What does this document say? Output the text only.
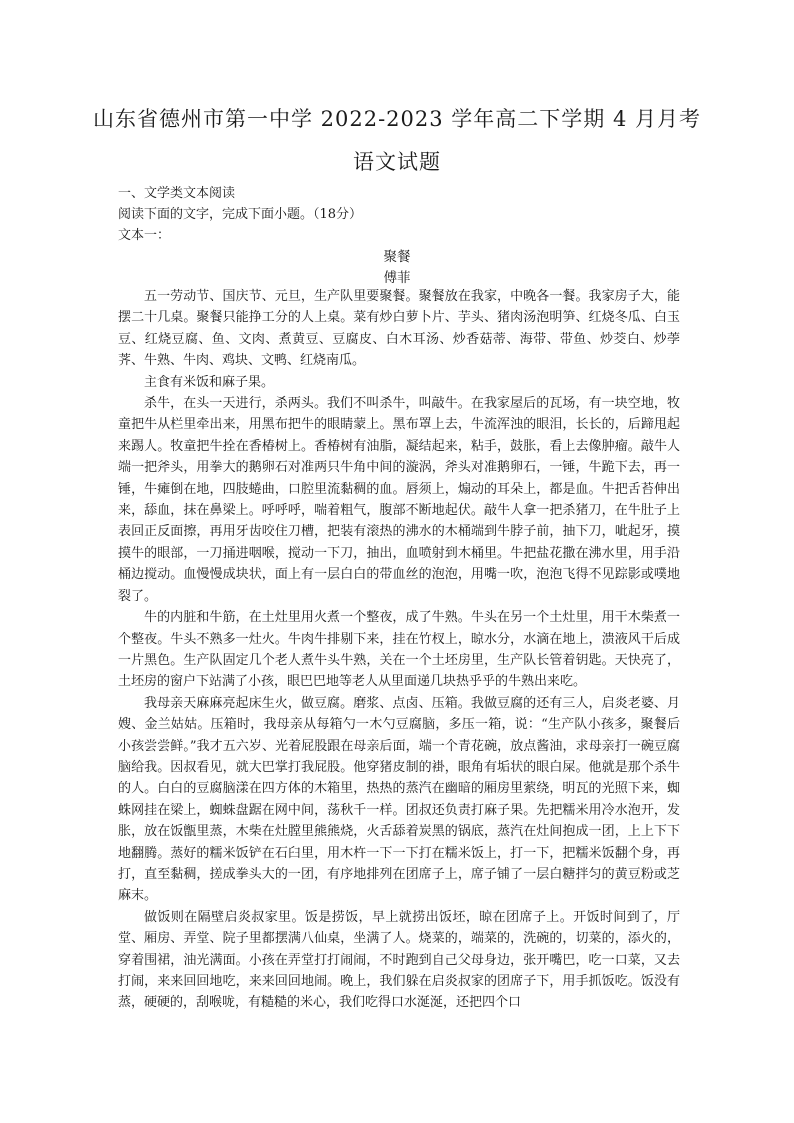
山东省德州市第一中学 2022-2023 学年高二下学期 4 月月考
语文试题
一、文学类文本阅读
阅读下面的文字，完成下面小题。（18分）
文本一：
聚餐
傅菲

五一劳动节、国庆节、元旦，生产队里要聚餐。聚餐放在我家，中晚各一餐。我家房子大，能摆二十几桌。聚餐只能挣工分的人上桌。菜有炒白萝卜片、芋头、猪肉汤泡明笋、红烧冬瓜、白玉豆、红烧豆腐、鱼、文肉、煮黄豆、豆腐皮、白木耳汤、炒香菇蒂、海带、带鱼、炒茭白、炒荸荠、牛熟、牛肉、鸡块、文鸭、红烧南瓜。

主食有米饭和麻子果。

杀牛，在头一天进行，杀两头。我们不叫杀牛，叫敲牛。在我家屋后的瓦场，有一块空地，牧童把牛从栏里牵出来，用黑布把牛的眼睛蒙上。黑布罩上去，牛流浑浊的眼泪，长长的，后蹄甩起来踢人。牧童把牛拴在香椿树上。香椿树有油脂，凝结起来，粘手，鼓胀，看上去像肿瘤。敲牛人端一把斧头，用拳大的鹅卵石对准两只牛角中间的漩涡，斧头对准鹅卵石，一锤，牛跪下去，再一锤，牛瘫倒在地，四肢蜷曲，口腔里流黏稠的血。唇须上，煽动的耳朵上，都是血。牛把舌苔伸出来，舔血，抹在鼻梁上。呼呼呼，喘着粗气，腹部不断地起伏。敲牛人拿一把杀猪刀，在牛肚子上表回正反面擦，再用牙齿咬住刀槽，把装有滚热的沸水的木桶端到牛脖子前，抽下刀，呲起牙，摸摸牛的眼部，一刀捅进咽喉，搅动一下刀，抽出，血喷射到木桶里。牛把盐花撒在沸水里，用手沿桶边搅动。血慢慢成块状，面上有一层白白的带血丝的泡泡，用嘴一吹，泡泡飞得不见踪影或噗地裂了。

牛的内脏和牛筋，在土灶里用火煮一个整夜，成了牛熟。牛头在另一个土灶里，用干木柴煮一个整夜。牛头不熟多一灶火。牛肉牛排剔下来，挂在竹杈上，晾水分，水滴在地上，溃液风干后成一片黑色。生产队固定几个老人煮牛头牛熟，关在一个土坯房里，生产队长管着钥匙。天快亮了，土坯房的窗户下站满了小孩，眼巴巴地等老人从里面递几块热乎乎的牛熟出来吃。

我母亲天麻麻亮起床生火，做豆腐。磨浆、点卤、压箱。我做豆腐的还有三人，启炎老婆、月嫂、金兰姑姑。压箱时，我母亲从每箱勺一木勺豆腐脑，多压一箱，说：“生产队小孩多，聚餐后小孩尝尝鲜。”我才五六岁、光着屁股跟在母亲后面，端一个青花碗，放点酱油，求母亲打一碗豆腐脑给我。因叔看见，就大巴掌打我屁股。他穿猪皮制的褂，眼角有垢状的眼白屎。他就是那个杀牛的人。白白的豆腐脑漾在四方体的木箱里，热热的蒸汽在幽暗的厢房里萦绕，明瓦的光照下来，蜘蛛网挂在梁上，蜘蛛盘踞在网中间，荡秋千一样。团叔还负责打麻子果。先把糯米用冷水泡开，发胀，放在饭甑里蒸，木柴在灶膛里熊熊烧，火舌舔着炭黑的锅底，蒸汽在灶间抱成一团，上上下下地翻腾。蒸好的糯米饭铲在石臼里，用木杵一下一下打在糯米饭上，打一下，把糯米饭翻个身，再打，直至黏稠，搓成拳头大的一团，有序地排列在团席子上，席子铺了一层白糖拌匀的黄豆粉或芝麻末。

做饭则在隔壁启炎叔家里。饭是捞饭，早上就捞出饭坯，晾在团席子上。开饭时间到了，厅堂、厢房、弄堂、院子里都摆满八仙桌，坐满了人。烧菜的，端菜的，洗碗的，切菜的，添火的，穿着围裙，油光满面。小孩在弄堂打打闹闹，不时跑到自己父母身边，张开嘴巴，吃一口菜，又去打闹，来来回回地吃，来来回回地闹。晚上，我们躲在启炎叔家的团席子下，用手抓饭吃。饭没有蒸，硬硬的，刮喉咙，有糙糙的米心，我们吃得口水涎涎，还把四个口
